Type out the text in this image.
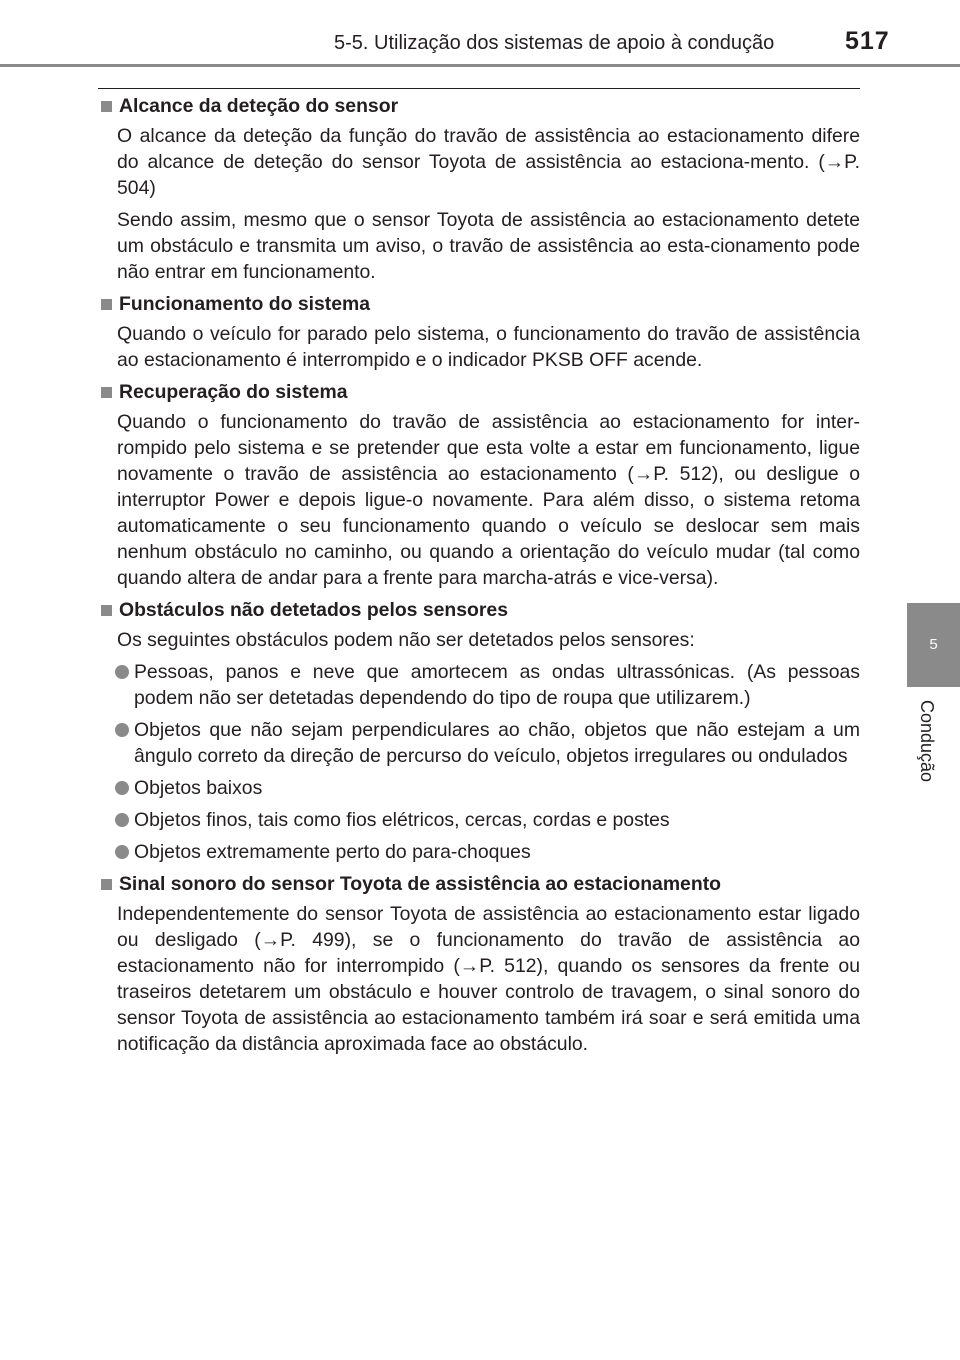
5-5. Utilização dos sistemas de apoio à condução	517
5
Condução
Alcance da deteção do sensor

O alcance da deteção da função do travão de assistência ao estacionamento difere do alcance de deteção do sensor Toyota de assistência ao estaciona-mento. (→P. 504)

Sendo assim, mesmo que o sensor Toyota de assistência ao estacionamento detete um obstáculo e transmita um aviso, o travão de assistência ao esta-cionamento pode não entrar em funcionamento.

Funcionamento do sistema

Quando o veículo for parado pelo sistema, o funcionamento do travão de assistência ao estacionamento é interrompido e o indicador PKSB OFF acende.

Recuperação do sistema

Quando o funcionamento do travão de assistência ao estacionamento for inter-rompido pelo sistema e se pretender que esta volte a estar em funcionamento, ligue novamente o travão de assistência ao estacionamento (→P. 512), ou desligue o interruptor Power e depois ligue-o novamente. Para além disso, o sistema retoma automaticamente o seu funcionamento quando o veículo se deslocar sem mais nenhum obstáculo no caminho, ou quando a orientação do veículo mudar (tal como quando altera de andar para a frente para marcha-atrás e vice-versa).

Obstáculos não detetados pelos sensores

Os seguintes obstáculos podem não ser detetados pelos sensores:

Pessoas, panos e neve que amortecem as ondas ultrassónicas. (As pessoas podem não ser detetadas dependendo do tipo de roupa que utilizarem.)
Objetos que não sejam perpendiculares ao chão, objetos que não estejam a um ângulo correto da direção de percurso do veículo, objetos irregulares ou ondulados
Objetos baixos
Objetos finos, tais como fios elétricos, cercas, cordas e postes
Objetos extremamente perto do para-choques
Sinal sonoro do sensor Toyota de assistência ao estacionamento

Independentemente do sensor Toyota de assistência ao estacionamento estar ligado ou desligado (→P. 499), se o funcionamento do travão de assistência ao estacionamento não for interrompido (→P. 512), quando os sensores da frente ou traseiros detetarem um obstáculo e houver controlo de travagem, o sinal sonoro do sensor Toyota de assistência ao estacionamento também irá soar e será emitida uma notificação da distância aproximada face ao obstáculo.
